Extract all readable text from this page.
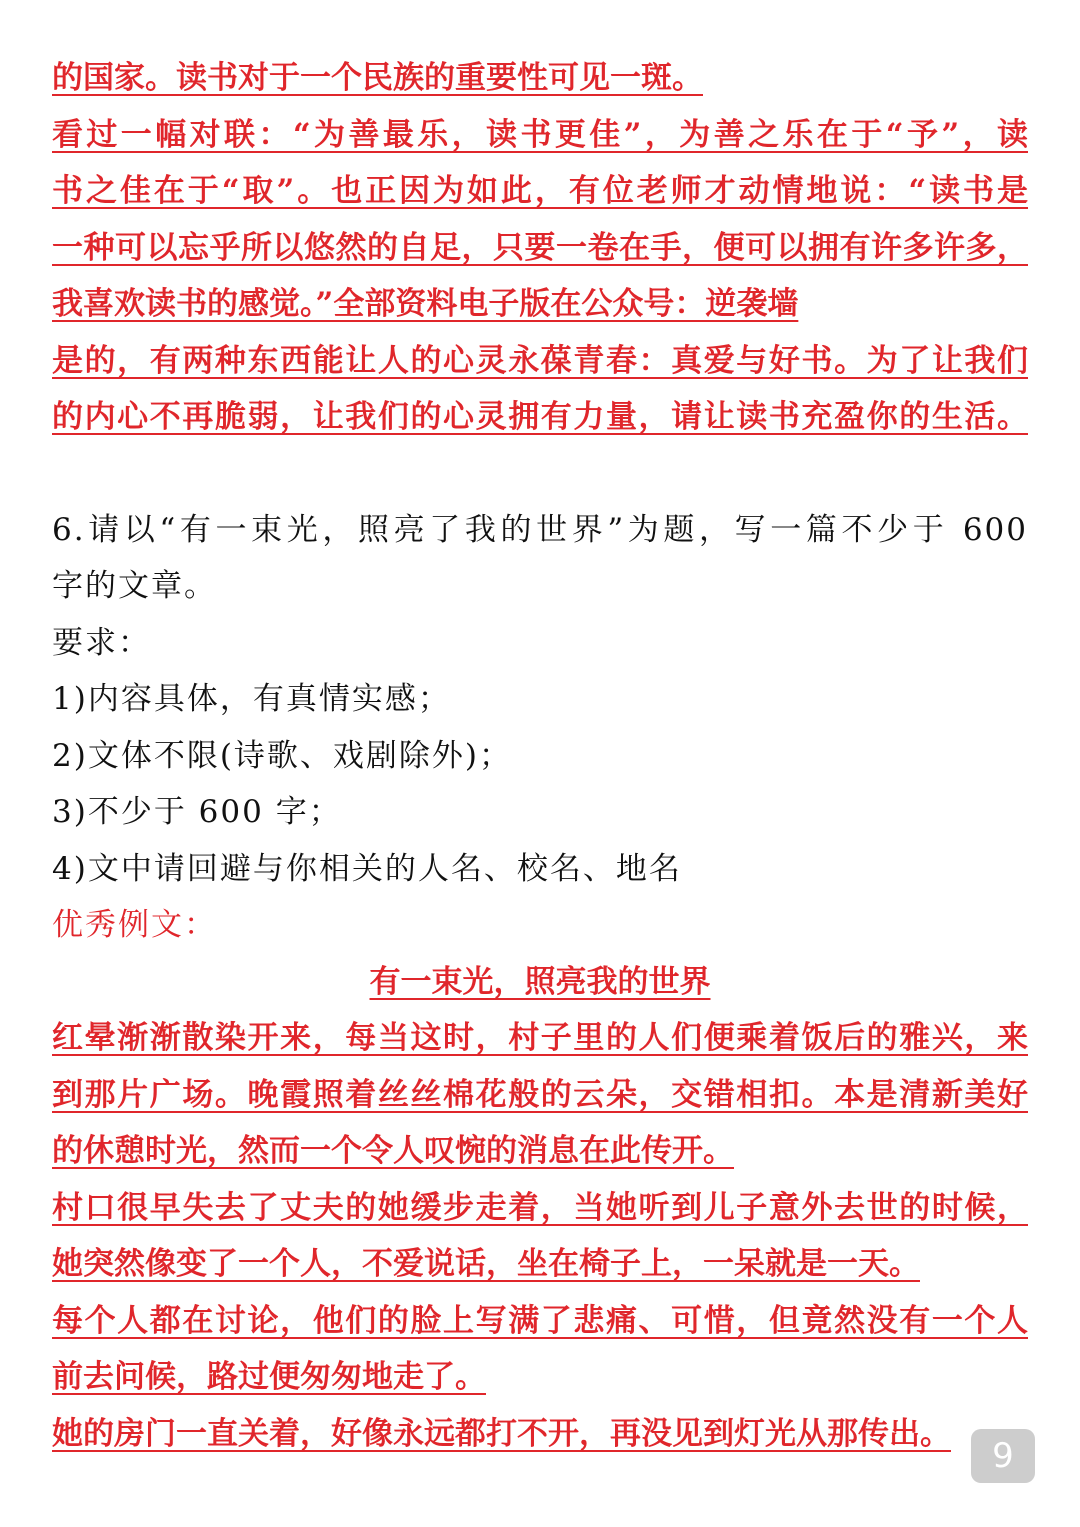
的国家。读书对于一个民族的重要性可见一斑。
看过一幅对联：“为善最乐，读书更佳”，为善之乐在于“予”，读
书之佳在于“取”。也正因为如此，有位老师才动情地说：“读书是
一种可以忘乎所以悠然的自足，只要一卷在手，便可以拥有许多许多，
我喜欢读书的感觉。”全部资料电子版在公众号：逆袭墙
是的，有两种东西能让人的心灵永葆青春：真爱与好书。为了让我们
的内心不再脆弱，让我们的心灵拥有力量，请让读书充盈你的生活。
6.请以“有一束光，照亮了我的世界”为题，写一篇不少于 600
字的文章。
要求：
1)内容具体，有真情实感；
2)文体不限(诗歌、戏剧除外)；
3)不少于 600 字；
4)文中请回避与你相关的人名、校名、地名
优秀例文：
有一束光，照亮我的世界
红晕渐渐散染开来，每当这时，村子里的人们便乘着饭后的雅兴，来
到那片广场。晚霞照着丝丝棉花般的云朵，交错相扣。本是清新美好
的休憩时光，然而一个令人叹惋的消息在此传开。
村口很早失去了丈夫的她缓步走着，当她听到儿子意外去世的时候，
她突然像变了一个人，不爱说话，坐在椅子上，一呆就是一天。
每个人都在讨论，他们的脸上写满了悲痛、可惜，但竟然没有一个人
前去问候，路过便匆匆地走了。
她的房门一直关着，好像永远都打不开，再没见到灯光从那传出。
9
